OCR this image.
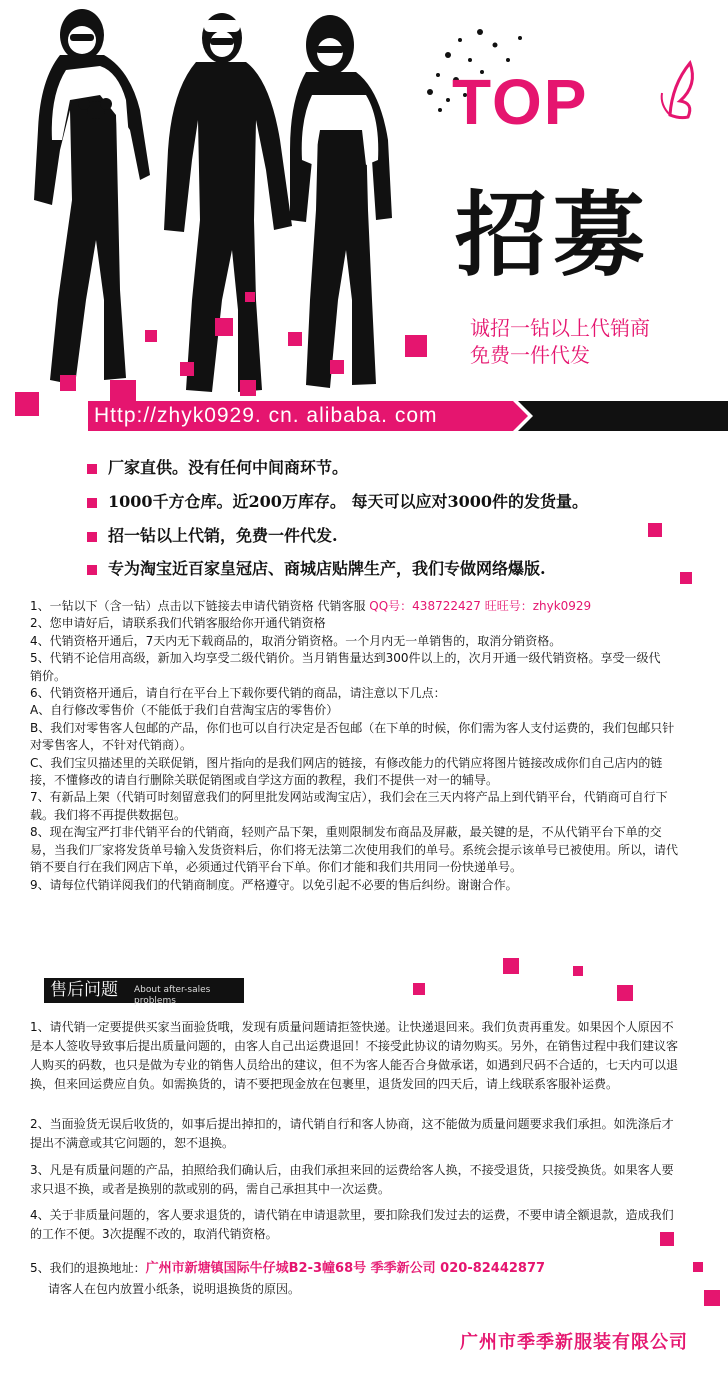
TOP
招募
诚招一钻以上代销商
免费一件代发
Http://zhyk0929. cn. alibaba. com
厂家直供。没有任何中间商环节。
1000千方仓库。近200万库存。 每天可以应对3000件的发货量。
招一钻以上代销，免费一件代发.
专为淘宝近百家皇冠店、商城店贴牌生产，我们专做网络爆版.
1、一钻以下（含一钻）点击以下链接去申请代销资格 代销客服 QQ号：438722427 旺旺号：zhyk0929
2、您申请好后，请联系我们代销客服给你开通代销资格
4、代销资格开通后，7天内无下载商品的，取消分销资格。一个月内无一单销售的，取消分销资格。
5、代销不论信用高级，新加入均享受二级代销价。当月销售量达到300件以上的，次月开通一级代销资格。享受一级代销价。
6、代销资格开通后，请自行在平台上下载你要代销的商品，请注意以下几点：
A、自行修改零售价（不能低于我们自营淘宝店的零售价）
B、我们对零售客人包邮的产品，你们也可以自行决定是否包邮（在下单的时候，你们需为客人支付运费的，我们包邮只针对零售客人，不针对代销商）。
C、我们宝贝描述里的关联促销，图片指向的是我们网店的链接，有修改能力的代销应将图片链接改成你们自己店内的链接，不懂修改的请自行删除关联促销图或自学这方面的教程，我们不提供一对一的辅导。
7、有新品上架（代销可时刻留意我们的阿里批发网站或淘宝店），我们会在三天内将产品上到代销平台，代销商可自行下载。我们将不再提供数据包。
8、现在淘宝严打非代销平台的代销商，轻则产品下架，重则限制发布商品及屏蔽，最关键的是，不从代销平台下单的交易，当我们厂家将发货单号输入发货资料后，你们将无法第二次使用我们的单号。系统会提示该单号已被使用。所以，请代销不要自行在我们网店下单，必须通过代销平台下单。你们才能和我们共用同一份快递单号。
9、请每位代销详阅我们的代销商制度。严格遵守。以免引起不必要的售后纠纷。谢谢合作。
售后问题 About after-sales problems
1、请代销一定要提供买家当面验货哦，发现有质量问题请拒签快递。让快递退回来。我们负责再重发。如果因个人原因不是本人签收导致事后提出质量问题的，由客人自己出运费退回！不接受此协议的请勿购买。另外，在销售过程中我们建议客人购买的码数，也只是做为专业的销售人员给出的建议，但不为客人能否合身做承诺，如遇到尺码不合适的，七天内可以退换，但来回运费应自负。如需换货的，请不要把现金放在包裹里，退货发回的四天后，请上线联系客服补运费。
2、当面验货无误后收货的，如事后提出掉扣的，请代销自行和客人协商，这不能做为质量问题要求我们承担。如洗涤后才提出不满意或其它问题的，恕不退换。
3、凡是有质量问题的产品，拍照给我们确认后，由我们承担来回的运费给客人换，不接受退货，只接受换货。如果客人要求只退不换，或者是换别的款或别的码，需自己承担其中一次运费。
4、关于非质量问题的，客人要求退货的，请代销在申请退款里，要扣除我们发过去的运费，不要申请全额退款，造成我们的工作不便。3次提醒不改的，取消代销资格。
5、我们的退换地址：广州市新塘镇国际牛仔城B2-3幢68号 季季新公司 020-82442877
请客人在包内放置小纸条，说明退换货的原因。
广州市季季新服装有限公司
